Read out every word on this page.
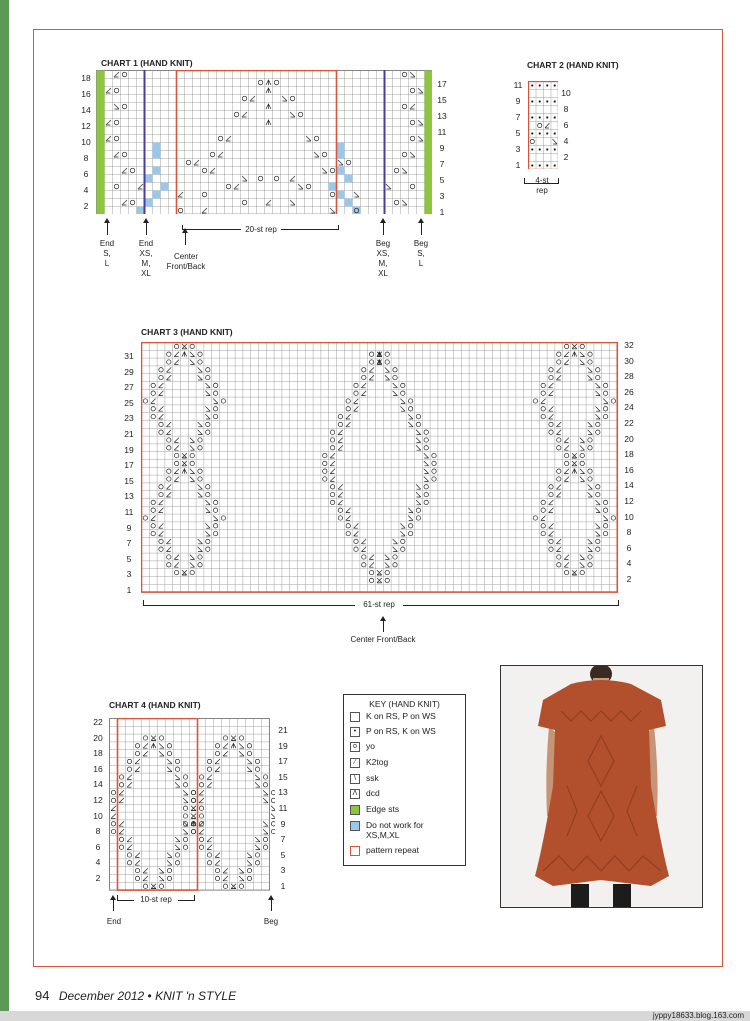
CHART 1 (HAND KNIT)
18
16
14
12
10
8
6
4
2
17
15
13
11
9
7
5
3
1
20-st rep
End
S,
L
End
XS,
M,
XL
Center
Front/Back
Beg
XS,
M,
XL
Beg
S,
L
CHART 2 (HAND KNIT)
11
9
7
5
3
1
10
8
6
4
2
4-st
rep
CHART 3 (HAND KNIT)
31
29
27
25
23
21
19
17
15
13
11
9
7
5
3
1
32
30
28
26
24
22
20
18
16
14
12
10
8
6
4
2
61-st rep
Center Front/Back
CHART 4 (HAND KNIT)
22
20
18
16
14
12
10
8
6
4
2
21
19
17
15
13
11
9
7
5
3
1
10-st rep
End	Beg
KEY (HAND KNIT)
K on RS, P on WS
•	P on RS, K on WS
o	yo
⁄	K2tog
\	ssk
Λ	dcd
Edge sts
Do not work for
XS,M,XL
pattern repeat
94 December 2012 • KNIT 'n STYLE
jyppy18633.blog.163.com
